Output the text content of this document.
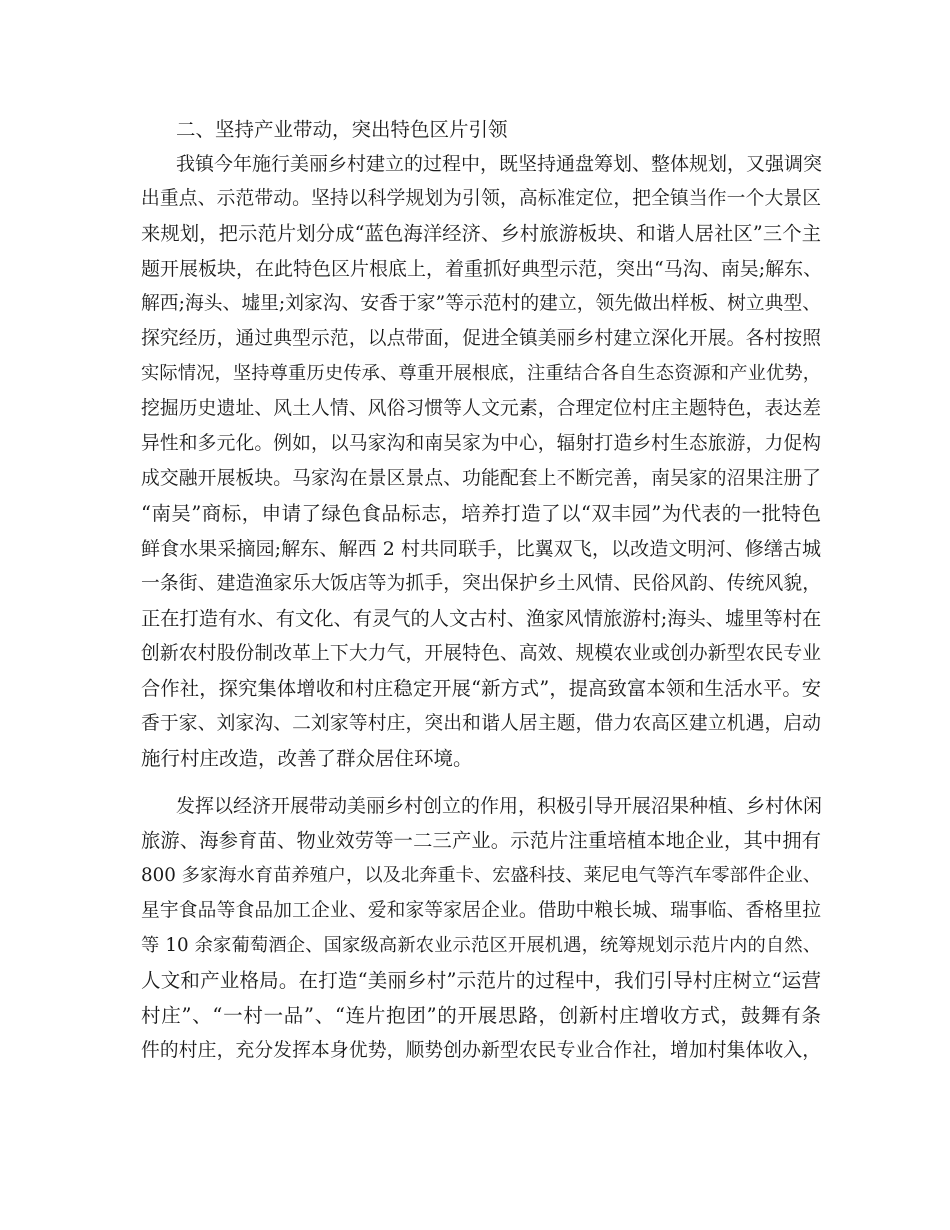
二、坚持产业带动，突出特色区片引领
我镇今年施行美丽乡村建立的过程中，既坚持通盘筹划、整体规划，又强调突
出重点、示范带动。坚持以科学规划为引领，高标准定位，把全镇当作一个大景区
来规划，把示范片划分成“蓝色海洋经济、乡村旅游板块、和谐人居社区”三个主
题开展板块，在此特色区片根底上，着重抓好典型示范，突出“马沟、南吴;解东、
解西;海头、墟里;刘家沟、安香于家”等示范村的建立，领先做出样板、树立典型、
探究经历，通过典型示范，以点带面，促进全镇美丽乡村建立深化开展。各村按照
实际情况，坚持尊重历史传承、尊重开展根底，注重结合各自生态资源和产业优势，
挖掘历史遗址、风土人情、风俗习惯等人文元素，合理定位村庄主题特色，表达差
异性和多元化。例如，以马家沟和南吴家为中心，辐射打造乡村生态旅游，力促构
成交融开展板块。马家沟在景区景点、功能配套上不断完善，南吴家的沼果注册了
“南吴”商标，申请了绿色食品标志，培养打造了以“双丰园”为代表的一批特色
鲜食水果采摘园;解东、解西 2 村共同联手，比翼双飞，以改造文明河、修缮古城
一条街、建造渔家乐大饭店等为抓手，突出保护乡土风情、民俗风韵、传统风貌，
正在打造有水、有文化、有灵气的人文古村、渔家风情旅游村;海头、墟里等村在
创新农村股份制改革上下大力气，开展特色、高效、规模农业或创办新型农民专业
合作社，探究集体增收和村庄稳定开展“新方式”，提高致富本领和生活水平。安
香于家、刘家沟、二刘家等村庄，突出和谐人居主题，借力农高区建立机遇，启动
施行村庄改造，改善了群众居住环境。
发挥以经济开展带动美丽乡村创立的作用，积极引导开展沼果种植、乡村休闲
旅游、海参育苗、物业效劳等一二三产业。示范片注重培植本地企业，其中拥有
800 多家海水育苗养殖户，以及北奔重卡、宏盛科技、莱尼电气等汽车零部件企业、
星宇食品等食品加工企业、爱和家等家居企业。借助中粮长城、瑞事临、香格里拉
等 10 余家葡萄酒企、国家级高新农业示范区开展机遇，统筹规划示范片内的自然、
人文和产业格局。在打造“美丽乡村”示范片的过程中，我们引导村庄树立“运营
村庄”、“一村一品”、“连片抱团”的开展思路，创新村庄增收方式，鼓舞有条
件的村庄，充分发挥本身优势，顺势创办新型农民专业合作社，增加村集体收入，
